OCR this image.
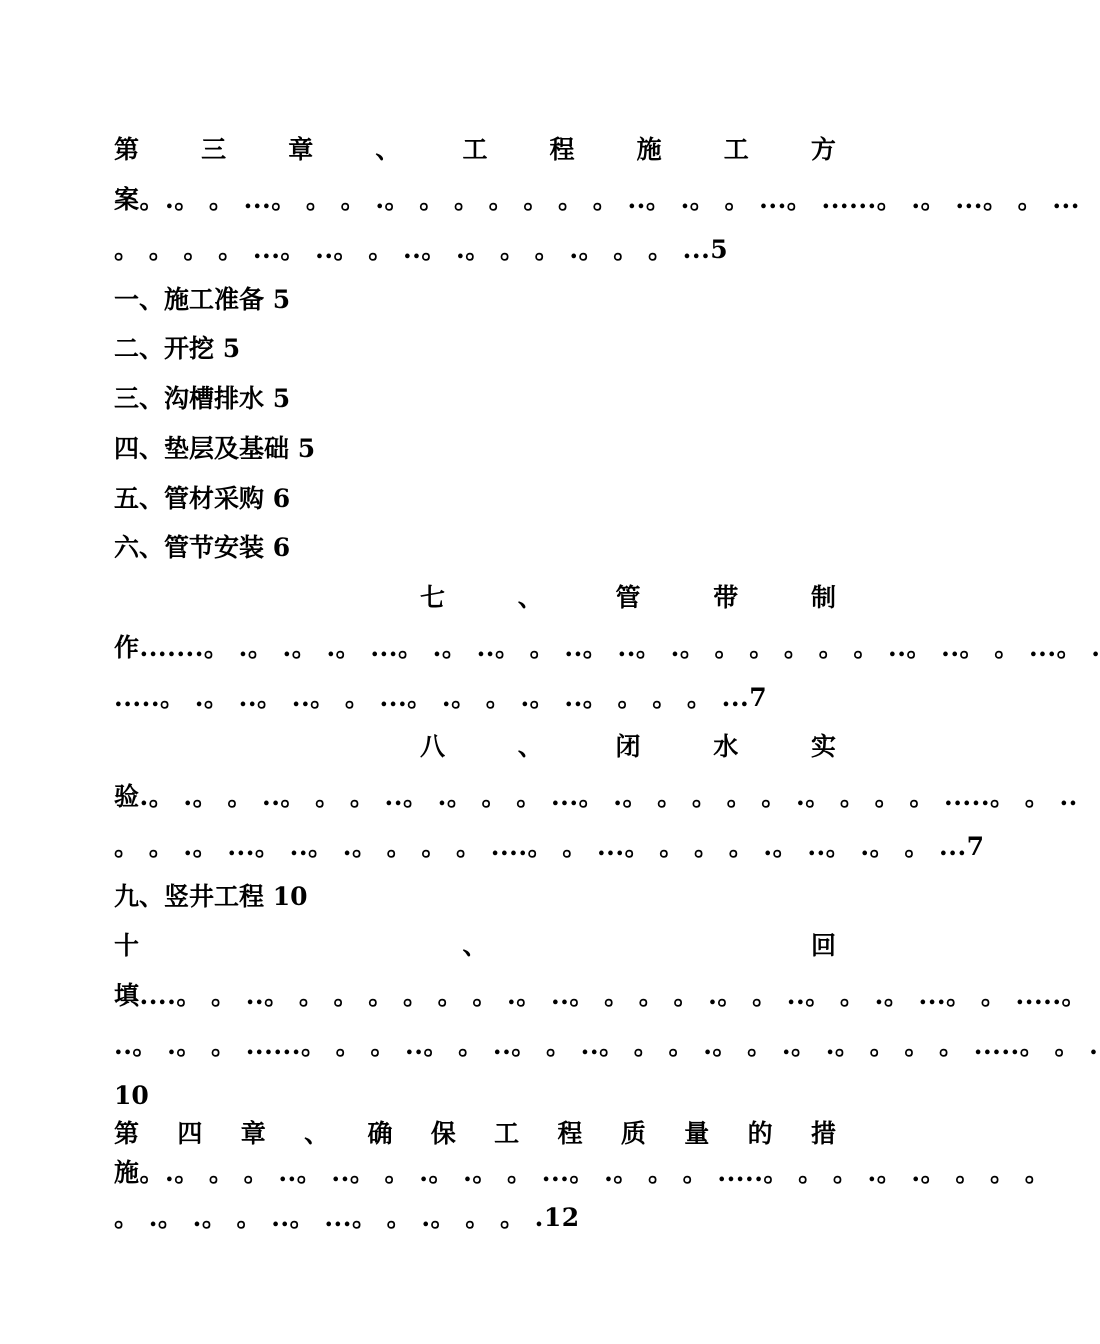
第 三 章 、 工 程 施 工 方
案。.。 。 ...。 。 。 .。 。 。 。 。 。 。 ..。 .。 。 ...。 ......。 .。 ...。 。 ...
。 。 。 。 ...。 ..。 。 ..。 .。 。 。 .。 。 。 ...5
一、施工准备 5
二、开挖 5
三、沟槽排水 5
四、垫层及基础 5
五、管材采购 6
六、管节安装 6
七	、	管	带	制
作.......。 .。 .。 .。 ...。 .。 ..。 。 ..。 ..。 .。 。 。 。 。 。 ..。 ..。 。 ...。 .
.....。 .。 ..。 ..。 。 ...。 .。 。 .。 ..。 。 。 。 ...7
八	、	闭	水	实
验.。 .。 。 ..。 。 。 ..。 .。 。 。 ...。 .。 。 。 。 。 .。 。 。 。 .....。 。 ..
。 。 .。 ...。 ..。 .。 。 。 。 ....。 。 ...。 。 。 。 .。 ..。 .。 。 ...7
九、竖井工程 10
十	、	回
填....。 。 ..。 。 。 。 。 。 。 .。 ..。 。 。 。 .。 。 ..。 。 .。 ...。 。 .....。
..。 .。 。 ......。 。 。 ..。 。 ..。 。 ..。 。 。 .。 。 .。 .。 。 。 。 .....。 。 .
10
第 四 章 、 确 保 工 程 质 量 的 措
施。.。 。 。 ..。 ..。 。 .。 .。 。 ...。 .。 。 。 .....。 。 。 .。 .。 。 。 。
。 .。 .。 。 ..。 ...。 。 .。 。 。 .12
